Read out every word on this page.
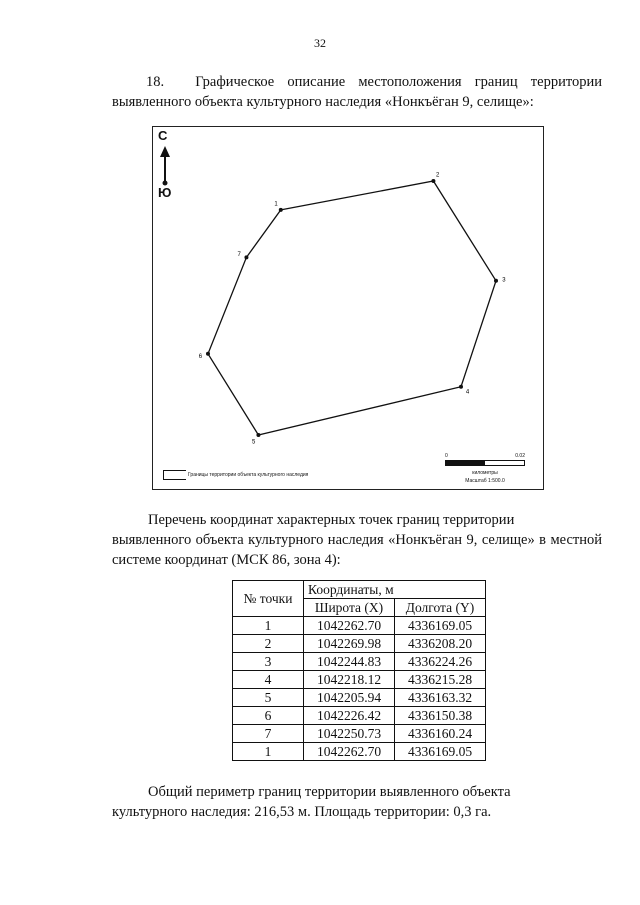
32
18. Графическое описание местоположения границ территории выявленного объекта культурного наследия «Нонкъёган 9, селище»:
1
2
3
4
5
6
7
С
Ю
Границы территории объекта культурного наследия
0	0.02
километры
Масштаб 1:500.0
Перечень координат характерных точек границ территории
выявленного объекта культурного наследия «Нонкъёган 9, селище» в местной системе координат (МСК 86, зона 4):
№ точки	Координаты, м	
	Широта (X)	Долгота (Y)
1	1042262.70	4336169.05
2	1042269.98	4336208.20
3	1042244.83	4336224.26
4	1042218.12	4336215.28
5	1042205.94	4336163.32
6	1042226.42	4336150.38
7	1042250.73	4336160.24
1	1042262.70	4336169.05
Общий периметр границ территории выявленного объекта
культурного наследия: 216,53 м. Площадь территории: 0,3 га.
